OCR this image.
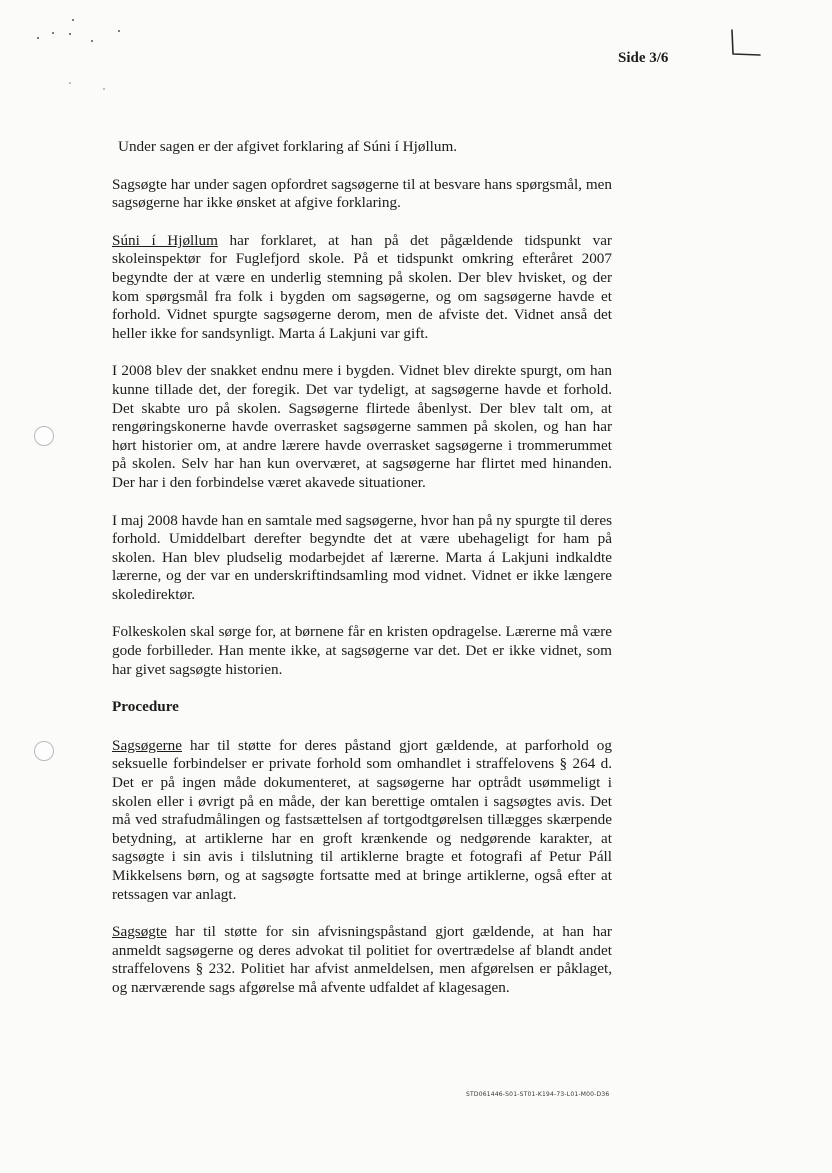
Side 3/6

Under sagen er der afgivet forklaring af Súni í Hjøllum.

Sagsøgte har under sagen opfordret sagsøgerne til at besvare hans spørgsmål, men sagsøgerne har ikke ønsket at afgive forklaring.

Súni í Hjøllum har forklaret, at han på det pågældende tidspunkt var skoleinspektør for Fuglefjord skole. På et tidspunkt omkring efteråret 2007 begyndte der at være en underlig stemning på skolen. Der blev hvisket, og der kom spørgsmål fra folk i bygden om sagsøgerne, og om sagsøgerne havde et forhold. Vidnet spurgte sagsøgerne derom, men de afviste det. Vidnet anså det heller ikke for sandsynligt. Marta á Lakjuni var gift.

I 2008 blev der snakket endnu mere i bygden. Vidnet blev direkte spurgt, om han kunne tillade det, der foregik. Det var tydeligt, at sagsøgerne havde et forhold. Det skabte uro på skolen. Sagsøgerne flirtede åbenlyst. Der blev talt om, at rengøringskonerne havde overrasket sagsøgerne sammen på skolen, og han har hørt historier om, at andre lærere havde overrasket sagsøgerne i trommerummet på skolen. Selv har han kun overværet, at sagsøgerne har flirtet med hinanden. Der har i den forbindelse været akavede situationer.

I maj 2008 havde han en samtale med sagsøgerne, hvor han på ny spurgte til deres forhold. Umiddelbart derefter begyndte det at være ubehageligt for ham på skolen. Han blev pludselig modarbejdet af lærerne. Marta á Lakjuni indkaldte lærerne, og der var en underskriftindsamling mod vidnet. Vidnet er ikke længere skoledirektør.

Folkeskolen skal sørge for, at børnene får en kristen opdragelse. Lærerne må være gode forbilleder. Han mente ikke, at sagsøgerne var det. Det er ikke vidnet, som har givet sagsøgte historien.

Procedure

Sagsøgerne har til støtte for deres påstand gjort gældende, at parforhold og seksuelle forbindelser er private forhold som omhandlet i straffelovens § 264 d. Det er på ingen måde dokumenteret, at sagsøgerne har optrådt usømmeligt i skolen eller i øvrigt på en måde, der kan berettige omtalen i sagsøgtes avis. Det må ved strafudmålingen og fastsættelsen af tortgodtgørelsen tillægges skærpende betydning, at artiklerne har en groft krænkende og nedgørende karakter, at sagsøgte i sin avis i tilslutning til artiklerne bragte et fotografi af Petur Páll Mikkelsens børn, og at sagsøgte fortsatte med at bringe artiklerne, også efter at retssagen var anlagt.

Sagsøgte har til støtte for sin afvisningspåstand gjort gældende, at han har anmeldt sagsøgerne og deres advokat til politiet for overtrædelse af blandt andet straffelovens § 232. Politiet har afvist anmeldelsen, men afgørelsen er påklaget, og nærværende sags afgørelse må afvente udfaldet af klagesagen.

STD061446-S01-ST01-K194-73-L01-M00-D36
